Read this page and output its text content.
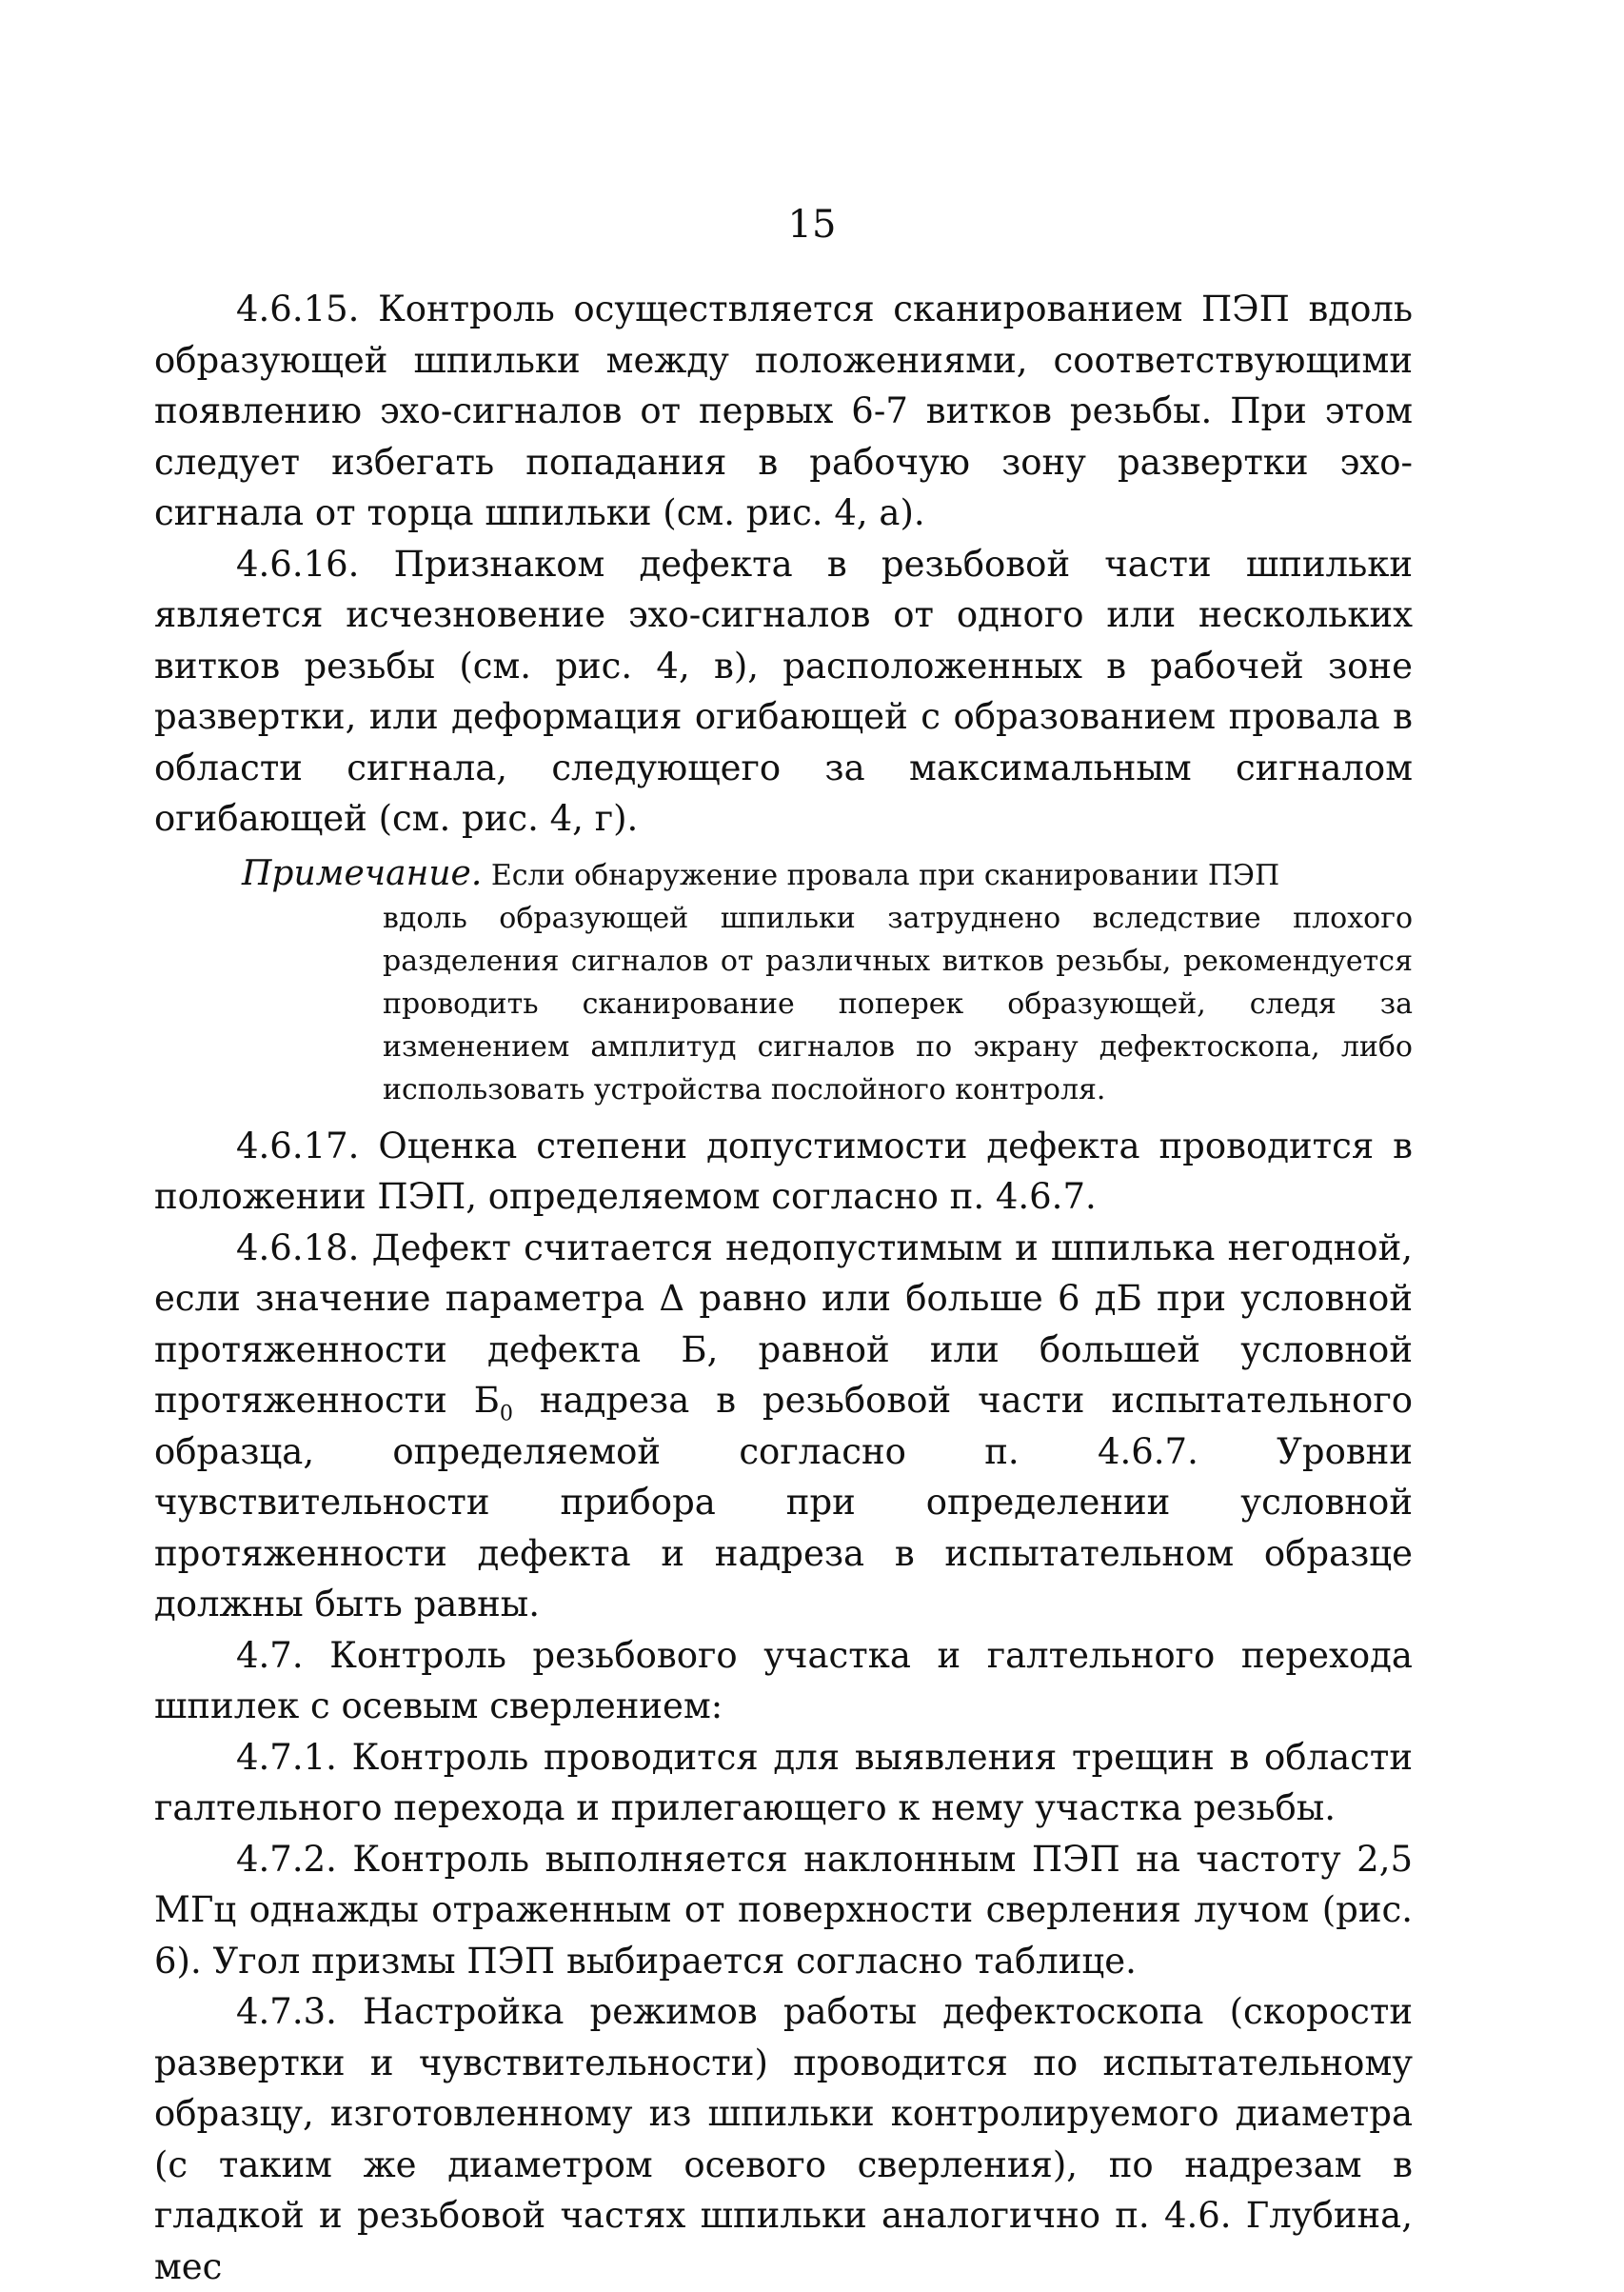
15

4.6.15. Контроль осуществляется сканированием ПЭП вдоль образующей шпильки между положениями, соответствующими появлению эхо-сигналов от первых 6-7 витков резьбы. При этом следует избегать попадания в рабочую зону развертки эхо-сигнала от торца шпильки (см. рис. 4, а).

4.6.16. Признаком дефекта в резьбовой части шпильки является исчезновение эхо-сигналов от одного или нескольких витков резьбы (см. рис. 4, в), расположенных в рабочей зоне развертки, или деформация огибающей с образованием провала в области сигнала, следующего за максимальным сигналом огибающей (см. рис. 4, г).

Примечание. Если обнаружение провала при сканировании ПЭП
вдоль образующей шпильки затруднено вследствие плохого разделения сигналов от различных витков резьбы, рекомендуется проводить сканирование поперек образующей, следя за изменением амплитуд сигналов по экрану дефектоскопа, либо использовать устройства послойного контроля.

4.6.17. Оценка степени допустимости дефекта проводится в положении ПЭП, определяемом согласно п. 4.6.7.

4.6.18. Дефект считается недопустимым и шпилька негодной, если значение параметра Δ равно или больше 6 дБ при условной протяженности дефекта Б, равной или большей условной протяженности $Б_0$ надреза в резьбовой части испытательного образца, определяемой согласно п. 4.6.7. Уровни чувствительности прибора при определении условной протяженности дефекта и надреза в испытательном образце должны быть равны.

4.7. Контроль резьбового участка и галтельного перехода шпилек с осевым сверлением:

4.7.1. Контроль проводится для выявления трещин в области галтельного перехода и прилегающего к нему участка резьбы.

4.7.2. Контроль выполняется наклонным ПЭП на частоту 2,5 МГц однажды отраженным от поверхности сверления лучом (рис. 6). Угол призмы ПЭП выбирается согласно таблице.

4.7.3. Настройка режимов работы дефектоскопа (скорости развертки и чувствительности) проводится по испытательному образцу, изготовленному из шпильки контролируемого диаметра (с таким же диаметром осевого сверления), по надрезам в гладкой и резьбовой частях шпильки аналогично п. 4.6. Глубина, мес
